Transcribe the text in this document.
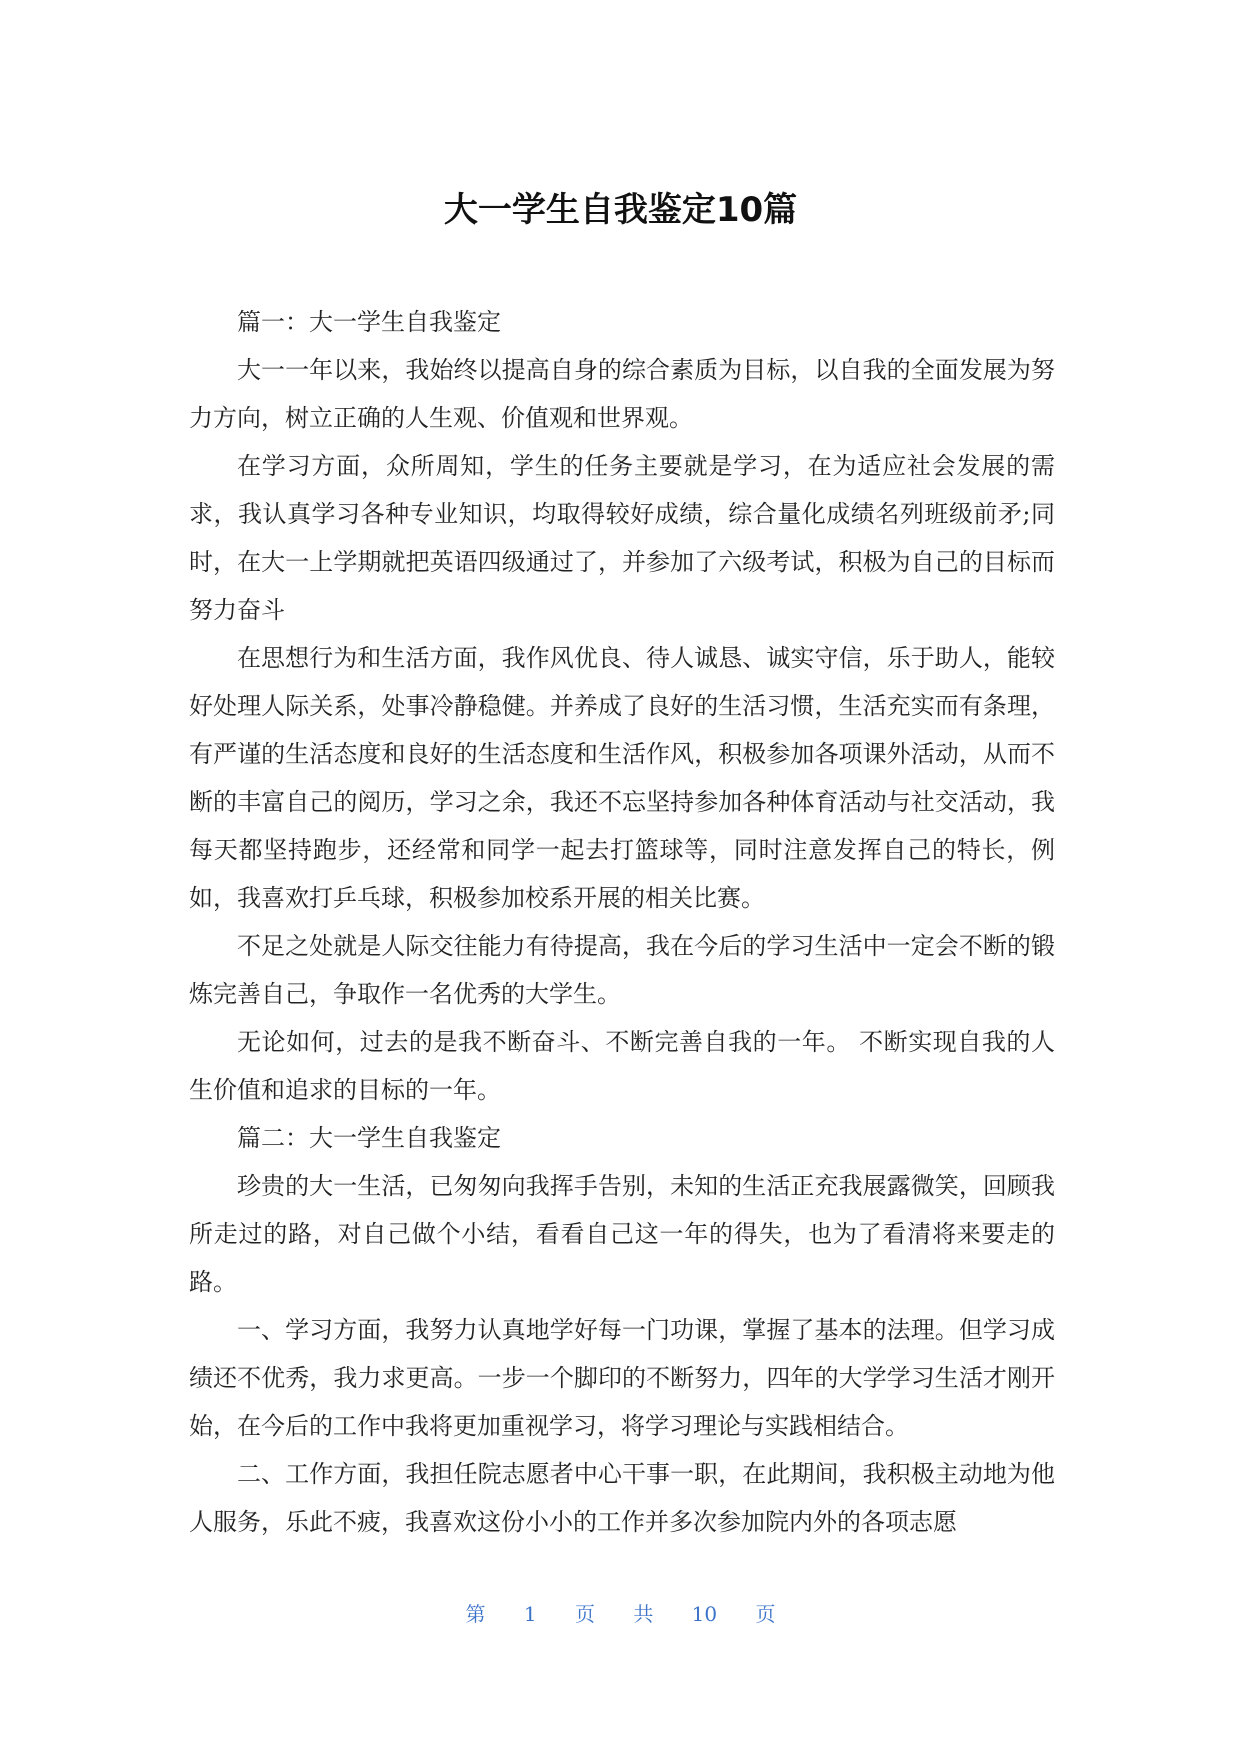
大一学生自我鉴定10篇

篇一：大一学生自我鉴定

大一一年以来，我始终以提高自身的综合素质为目标，以自我的全面发展为努力方向，树立正确的人生观、价值观和世界观。

在学习方面，众所周知，学生的任务主要就是学习，在为适应社会发展的需求，我认真学习各种专业知识，均取得较好成绩，综合量化成绩名列班级前矛;同时，在大一上学期就把英语四级通过了，并参加了六级考试，积极为自己的目标而努力奋斗

在思想行为和生活方面，我作风优良、待人诚恳、诚实守信，乐于助人，能较好处理人际关系，处事冷静稳健。并养成了良好的生活习惯，生活充实而有条理，有严谨的生活态度和良好的生活态度和生活作风，积极参加各项课外活动，从而不断的丰富自己的阅历，学习之余，我还不忘坚持参加各种体育活动与社交活动，我每天都坚持跑步，还经常和同学一起去打篮球等，同时注意发挥自己的特长，例如，我喜欢打乒乓球，积极参加校系开展的相关比赛。

不足之处就是人际交往能力有待提高，我在今后的学习生活中一定会不断的锻炼完善自己，争取作一名优秀的大学生。

无论如何，过去的是我不断奋斗、不断完善自我的一年。 不断实现自我的人生价值和追求的目标的一年。

篇二：大一学生自我鉴定

珍贵的大一生活，已匆匆向我挥手告别，未知的生活正充我展露微笑，回顾我所走过的路，对自己做个小结，看看自己这一年的得失，也为了看清将来要走的路。

一、学习方面，我努力认真地学好每一门功课，掌握了基本的法理。但学习成绩还不优秀，我力求更高。一步一个脚印的不断努力，四年的大学学习生活才刚开始，在今后的工作中我将更加重视学习，将学习理论与实践相结合。

二、工作方面，我担任院志愿者中心干事一职，在此期间，我积极主动地为他人服务，乐此不疲，我喜欢这份小小的工作并多次参加院内外的各项志愿

第 1 页 共 10 页
